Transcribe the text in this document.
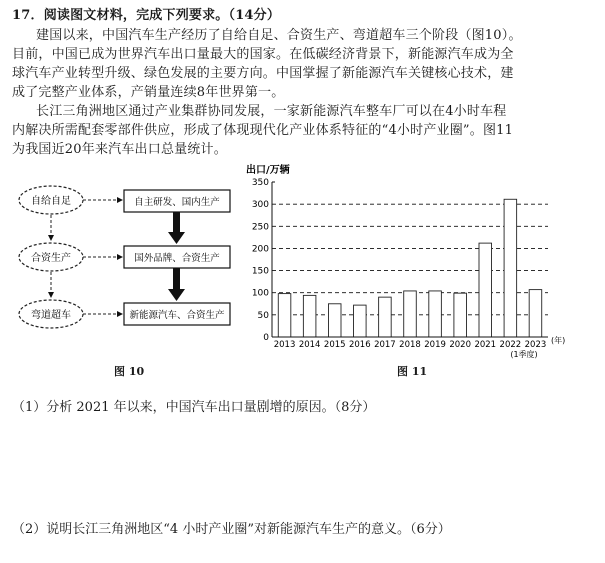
17．阅读图文材料，完成下列要求。（14分）
建国以来，中国汽车生产经历了自给自足、合资生产、弯道超车三个阶段（图10）。
目前，中国已成为世界汽车出口量最大的国家。在低碳经济背景下，新能源汽车成为全
球汽车产业转型升级、绿色发展的主要方向。中国掌握了新能源汽车关键核心技术，建
成了完整产业体系，产销量连续8年世界第一。
长江三角洲地区通过产业集群协同发展，一家新能源汽车整车厂可以在4小时车程
内解决所需配套零部件供应，形成了体现现代化产业体系特征的“4小时产业圈”。图11
为我国近20年来汽车出口总量统计。
自给自足
合资生产
弯道超车
自主研发、国内生产
国外品牌、合资生产
新能源汽车、合资生产
出口/万辆
350
300
250
200
150
100
50
0
2013 2014 2015 2016 2017 2018 2019 2020 2021 2022 2023 (年)
(1季度)
图 10	图 11
（1）分析 2021 年以来，中国汽车出口量剧增的原因。（8分）
（2）说明长江三角洲地区“4 小时产业圈”对新能源汽车生产的意义。（6分）
